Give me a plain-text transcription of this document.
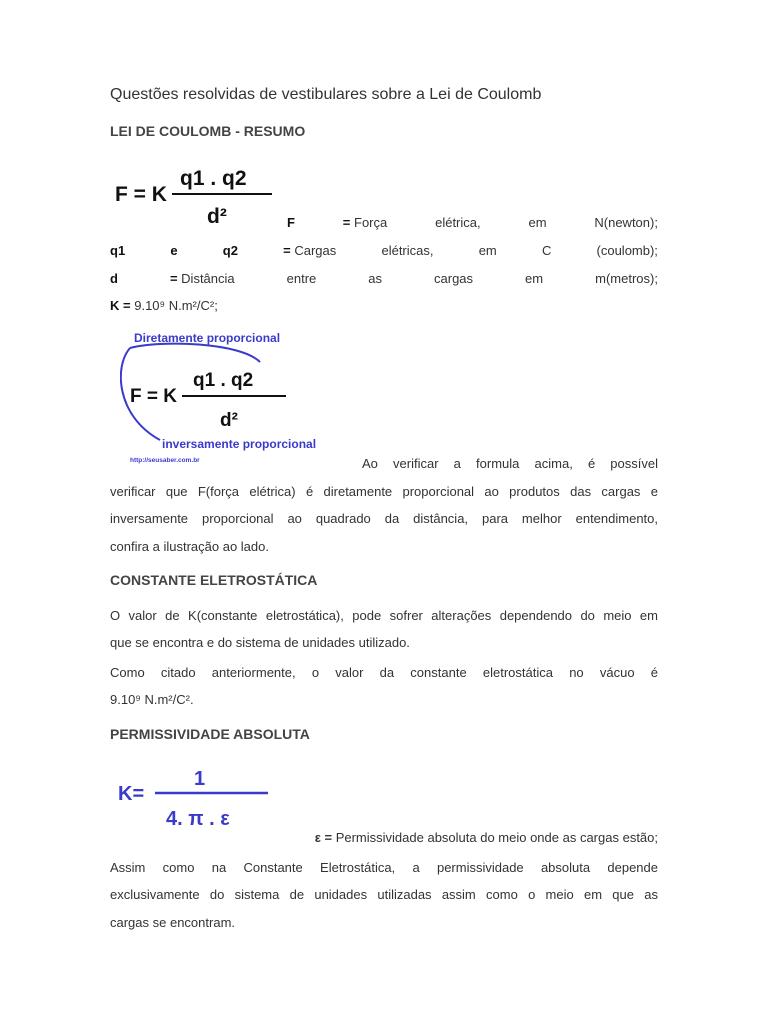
Questões resolvidas de vestibulares sobre a Lei de Coulomb
LEI DE COULOMB - RESUMO
F = K
q1 . q2
d²	F	= Força	elétrica,	em	N(newton);
q1	e	q2	= Cargas	elétricas,	em	C	(coulomb);
d	= Distância	entre	as	cargas	em	m(metros);
K
=
9.10⁹ N.m²/C²;
Diretamente proporcional
F = K
q1 . q2
d²
inversamente proporcional
http://seusaber.com.br	Ao verificar a formula acima, é possível
verificar que F(força elétrica) é diretamente proporcional ao produtos das cargas e
inversamente proporcional ao quadrado da distância, para melhor entendimento,
confira a ilustração ao lado.
CONSTANTE ELETROSTÁTICA
O valor de K(constante eletrostática), pode sofrer alterações dependendo do meio em
que se encontra e do sistema de unidades utilizado.
Como citado anteriormente, o valor da constante eletrostática no vácuo é
9.10⁹ N.m²/C².
PERMISSIVIDADE ABSOLUTA
K=
1
4. π . ε
ε = Permissividade absoluta do meio onde as cargas estão;
Assim como na Constante Eletrostática, a permissividade absoluta depende
exclusivamente do sistema de unidades utilizadas assim como o meio em que as
cargas se encontram.
